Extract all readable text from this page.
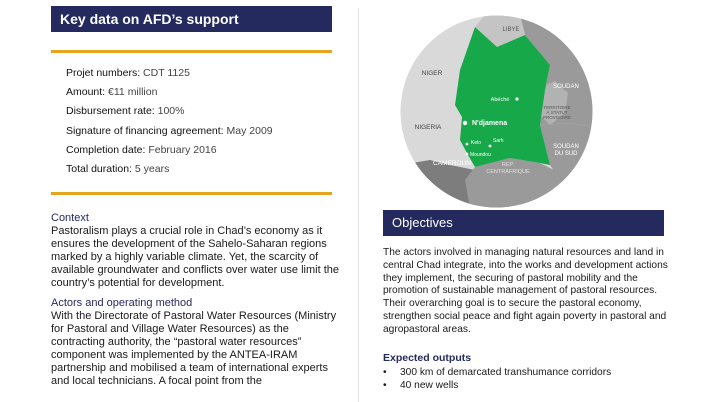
Key data on AFD’s support
Projet numbers: CDT 1125
Amount: €11 million
Disbursement rate: 100%
Signature of financing agreement: May 2009
Completion date: February 2016
Total duration: 5 years
Context
Pastoralism plays a crucial role in Chad’s economy as it ensures the development of the Sahelo-Saharan regions marked by a highly variable climate. Yet, the scarcity of available groundwater and conflicts over water use limit the country’s potential for development.
Actors and operating method
With the Directorate of Pastoral Water Resources (Ministry for Pastoral and Village Water Resources) as the contracting authority, the “pastoral water resources” component was implemented by the ANTEA-IRAM partnership and mobilised a team of international experts and local technicians. A focal point from the
LIBYE
NIGER
SOUDAN
TERRITOIRE
À STATUT
PROVISOIRE
NIGERIA
Abéché
N'djamena
Kelo Sarh
Moundou
CAMEROUN	REP.
CENTRAFRIQUE
SOUDAN
DU SUD
Objectives
The actors involved in managing natural resources and land in central Chad integrate, into the works and development actions they implement, the securing of pastoral mobility and the promotion of sustainable management of pastoral resources. Their overarching goal is to secure the pastoral economy, strengthen social peace and fight again poverty in pastoral and agropastoral areas.
Expected outputs
• 300 km of demarcated transhumance corridors
• 40 new wells
